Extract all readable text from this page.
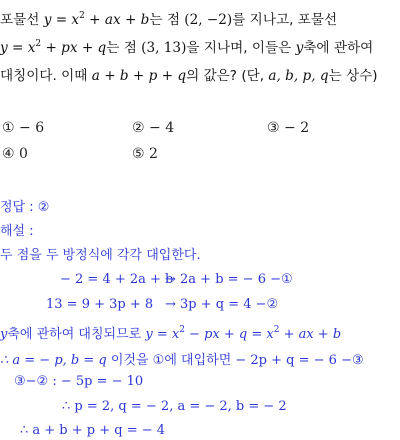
포물선 $y = x^2$ + ax + b는 점 (2, −2)를 지나고, 포물선
$y = x^2$ + px + q는 점 (3, 13)을 지나며, 이들은 y축에 관하여
대칭이다. 이때 a + b + p + q의 값은? (단, a, b, p, q는 상수)
① − 6	② − 4	③ − 2
④ 0	⑤ 2
정답 : ②
해설 :
두 점을 두 방정식에 각각 대입한다.
− 2 = 4 + 2a + b
→ 2a + b = − 6 −①
13 = 9 + 3p + 8 → 3p + q = 4 −②
y축에 관하여 대칭되므로 $y = x^2$ − px + $q = x^2$ + ax + b
∴ a = − p, b = q 이것을 ①에 대입하면 − 2p + q = − 6 −③
③−② : − 5p = − 10
∴ p = 2, q = − 2, a = − 2, b = − 2
∴ a + b + p + q = − 4
